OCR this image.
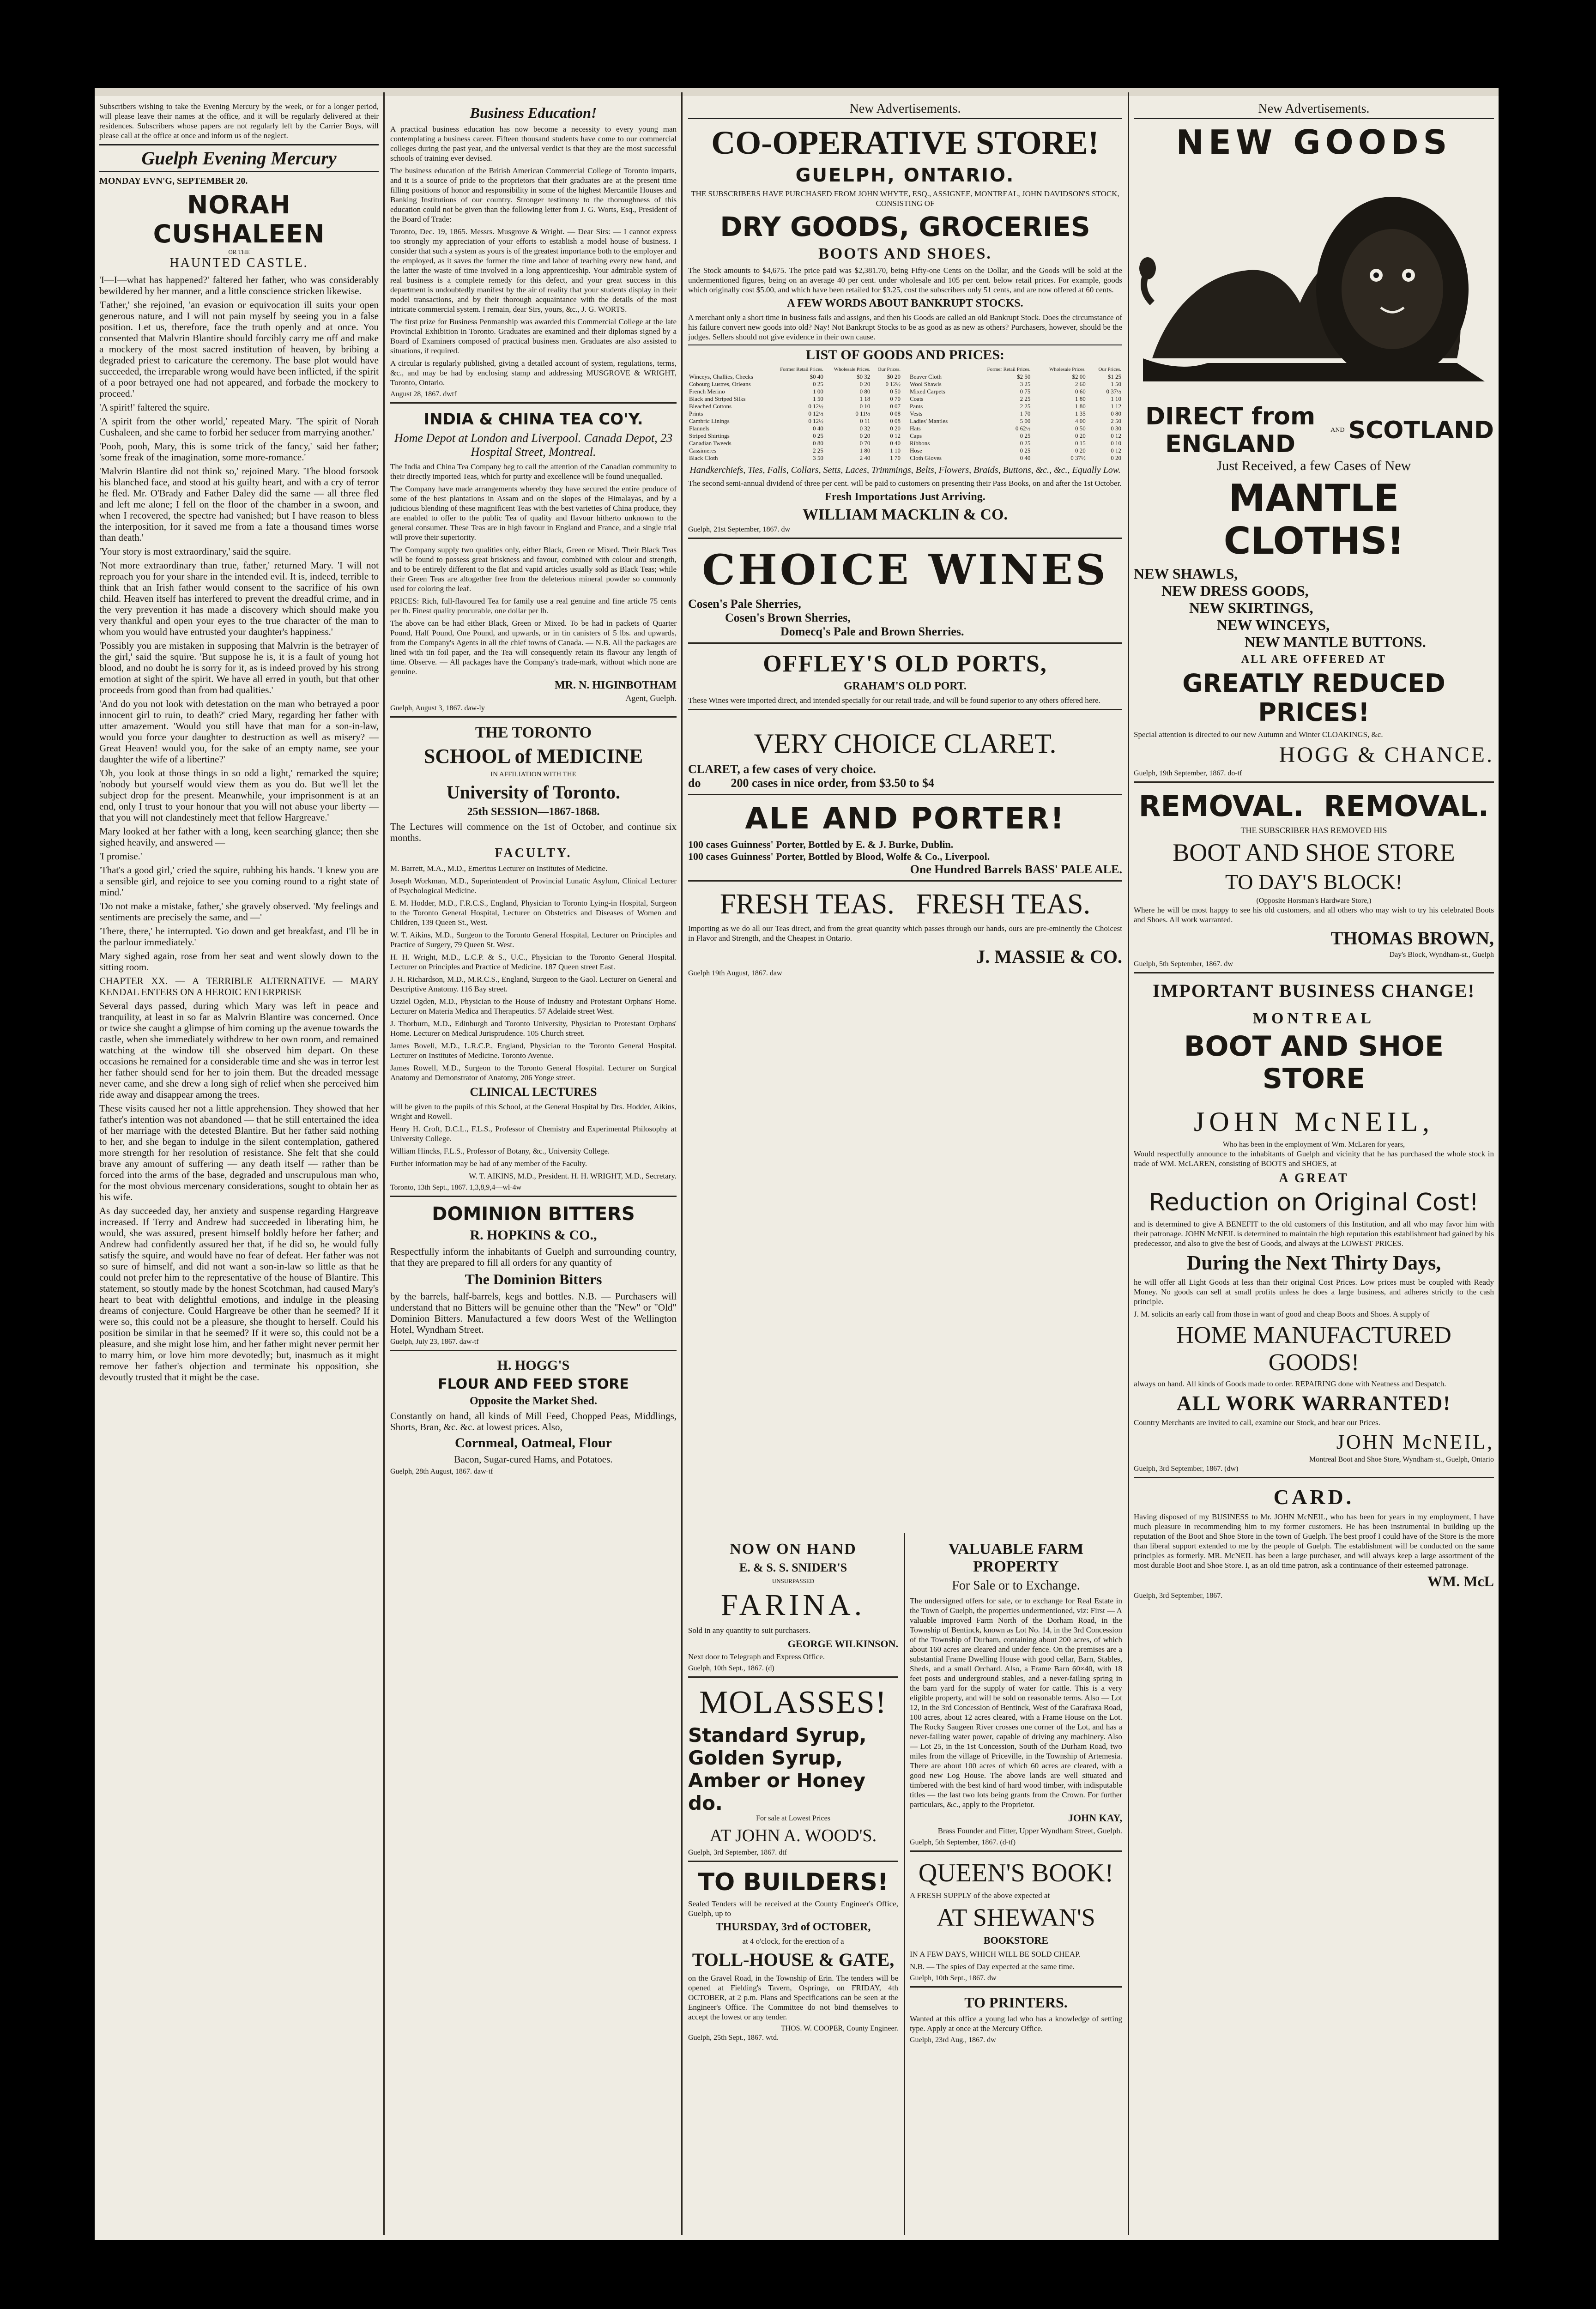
Subscribers wishing to take the Evening Mercury by the week, or for a longer period, will please leave their names at the office, and it will be regularly delivered at their residences. Subscribers whose papers are not regularly left by the Carrier Boys, will please call at the office at once and inform us of the neglect.

Guelph Evening Mercury
MONDAY EVN'G, SEPTEMBER 20.
NORAH CUSHALEEN
OR THE
HAUNTED CASTLE.

'I—I—what has happened?' faltered her father, who was considerably bewildered by her manner, and a little conscience stricken likewise.

'Father,' she rejoined, 'an evasion or equivocation ill suits your open generous nature, and I will not pain myself by seeing you in a false position. Let us, therefore, face the truth openly and at once. You consented that Malvrin Blantire should forcibly carry me off and make a mockery of the most sacred institution of heaven, by bribing a degraded priest to caricature the ceremony. The base plot would have succeeded, the irreparable wrong would have been inflicted, if the spirit of a poor betrayed one had not appeared, and forbade the mockery to proceed.'

'A spirit!' faltered the squire.

'A spirit from the other world,' repeated Mary. 'The spirit of Norah Cushaleen, and she came to forbid her seducer from marrying another.'

'Pooh, pooh, Mary, this is some trick of the fancy,' said her father; 'some freak of the imagination, some more-romance.'

'Malvrin Blantire did not think so,' rejoined Mary. 'The blood forsook his blanched face, and stood at his guilty heart, and with a cry of terror he fled. Mr. O'Brady and Father Daley did the same — all three fled and left me alone; I fell on the floor of the chamber in a swoon, and when I recovered, the spectre had vanished; but I have reason to bless the interposition, for it saved me from a fate a thousand times worse than death.'

'Your story is most extraordinary,' said the squire.

'Not more extraordinary than true, father,' returned Mary. 'I will not reproach you for your share in the intended evil. It is, indeed, terrible to think that an Irish father would consent to the sacrifice of his own child. Heaven itself has interfered to prevent the dreadful crime, and in the very prevention it has made a discovery which should make you very thankful and open your eyes to the true character of the man to whom you would have entrusted your daughter's happiness.'

'Possibly you are mistaken in supposing that Malvrin is the betrayer of the girl,' said the squire. 'But suppose he is, it is a fault of young hot blood, and no doubt he is sorry for it, as is indeed proved by his strong emotion at sight of the spirit. We have all erred in youth, but that other proceeds from good than from bad qualities.'

'And do you not look with detestation on the man who betrayed a poor innocent girl to ruin, to death?' cried Mary, regarding her father with utter amazement. 'Would you still have that man for a son-in-law, would you force your daughter to destruction as well as misery? — Great Heaven! would you, for the sake of an empty name, see your daughter the wife of a libertine?'

'Oh, you look at those things in so odd a light,' remarked the squire; 'nobody but yourself would view them as you do. But we'll let the subject drop for the present. Meanwhile, your imprisonment is at an end, only I trust to your honour that you will not abuse your liberty — that you will not clandestinely meet that fellow Hargreave.'

Mary looked at her father with a long, keen searching glance; then she sighed heavily, and answered —

'I promise.'

'That's a good girl,' cried the squire, rubbing his hands. 'I knew you are a sensible girl, and rejoice to see you coming round to a right state of mind.'

'Do not make a mistake, father,' she gravely observed. 'My feelings and sentiments are precisely the same, and —'

'There, there,' he interrupted. 'Go down and get breakfast, and I'll be in the parlour immediately.'

Mary sighed again, rose from her seat and went slowly down to the sitting room.

CHAPTER XX. — A TERRIBLE ALTERNATIVE — MARY KENDAL ENTERS ON A HEROIC ENTERPRISE

Several days passed, during which Mary was left in peace and tranquility, at least in so far as Malvrin Blantire was concerned. Once or twice she caught a glimpse of him coming up the avenue towards the castle, when she immediately withdrew to her own room, and remained watching at the window till she observed him depart. On these occasions he remained for a considerable time and she was in terror lest her father should send for her to join them. But the dreaded message never came, and she drew a long sigh of relief when she perceived him ride away and disappear among the trees.

These visits caused her not a little apprehension. They showed that her father's intention was not abandoned — that he still entertained the idea of her marriage with the detested Blantire. But her father said nothing to her, and she began to indulge in the silent contemplation, gathered more strength for her resolution of resistance. She felt that she could brave any amount of suffering — any death itself — rather than be forced into the arms of the base, degraded and unscrupulous man who, for the most obvious mercenary considerations, sought to obtain her as his wife.

As day succeeded day, her anxiety and suspense regarding Hargreave increased. If Terry and Andrew had succeeded in liberating him, he would, she was assured, present himself boldly before her father; and Andrew had confidently assured her that, if he did so, he would fully satisfy the squire, and would have no fear of defeat. Her father was not so sure of himself, and did not want a son-in-law so little as that he could not prefer him to the representative of the house of Blantire. This statement, so stoutly made by the honest Scotchman, had caused Mary's heart to beat with delightful emotions, and indulge in the pleasing dreams of conjecture. Could Hargreave be other than he seemed? If it were so, this could not be a pleasure, she thought to herself. Could his position be similar in that he seemed? If it were so, this could not be a pleasure, and she might lose him, and her father might never permit her to marry him, or love him more devotedly; but, inasmuch as it might remove her father's objection and terminate his opposition, she devoutly trusted that it might be the case.

Business Education!

A practical business education has now become a necessity to every young man contemplating a business career. Fifteen thousand students have come to our commercial colleges during the past year, and the universal verdict is that they are the most successful schools of training ever devised.

The business education of the British American Commercial College of Toronto imparts, and it is a source of pride to the proprietors that their graduates are at the present time filling positions of honor and responsibility in some of the highest Mercantile Houses and Banking Institutions of our country. Stronger testimony to the thoroughness of this education could not be given than the following letter from J. G. Worts, Esq., President of the Board of Trade:

Toronto, Dec. 19, 1865. Messrs. Musgrove & Wright. — Dear Sirs: — I cannot express too strongly my appreciation of your efforts to establish a model house of business. I consider that such a system as yours is of the greatest importance both to the employer and the employed, as it saves the former the time and labor of teaching every new hand, and the latter the waste of time involved in a long apprenticeship. Your admirable system of real business is a complete remedy for this defect, and your great success in this department is undoubtedly manifest by the air of reality that your students display in their model transactions, and by their thorough acquaintance with the details of the most intricate commercial system. I remain, dear Sirs, yours, &c., J. G. WORTS.

The first prize for Business Penmanship was awarded this Commercial College at the late Provincial Exhibition in Toronto. Graduates are examined and their diplomas signed by a Board of Examiners composed of practical business men. Graduates are also assisted to situations, if required.

A circular is regularly published, giving a detailed account of system, regulations, terms, &c., and may be had by enclosing stamp and addressing MUSGROVE & WRIGHT, Toronto, Ontario.

August 28, 1867. dwtf
INDIA & CHINA TEA CO'Y.

Home Depot at London and Liverpool. Canada Depot, 23 Hospital Street, Montreal.

The India and China Tea Company beg to call the attention of the Canadian community to their directly imported Teas, which for purity and excellence will be found unequalled.

The Company have made arrangements whereby they have secured the entire produce of some of the best plantations in Assam and on the slopes of the Himalayas, and by a judicious blending of these magnificent Teas with the best varieties of China produce, they are enabled to offer to the public Tea of quality and flavour hitherto unknown to the general consumer. These Teas are in high favour in England and France, and a single trial will prove their superiority.

The Company supply two qualities only, either Black, Green or Mixed. Their Black Teas will be found to possess great briskness and favour, combined with colour and strength, and to be entirely different to the flat and vapid articles usually sold as Black Teas; while their Green Teas are altogether free from the deleterious mineral powder so commonly used for coloring the leaf.

PRICES: Rich, full-flavoured Tea for family use a real genuine and fine article 75 cents per lb. Finest quality procurable, one dollar per lb.

The above can be had either Black, Green or Mixed. To be had in packets of Quarter Pound, Half Pound, One Pound, and upwards, or in tin canisters of 5 lbs. and upwards, from the Company's Agents in all the chief towns of Canada. — N.B. All the packages are lined with tin foil paper, and the Tea will consequently retain its flavour any length of time. Observe. — All packages have the Company's trade-mark, without which none are genuine.

MR. N. HIGINBOTHAM
Agent, Guelph.
Guelph, August 3, 1867. daw-ly
THE TORONTO
SCHOOL of MEDICINE
IN AFFILIATION WITH THE
University of Toronto.
25th SESSION—1867-1868.

The Lectures will commence on the 1st of October, and continue six months.

FACULTY.

M. Barrett, M.A., M.D., Emeritus Lecturer on Institutes of Medicine.

Joseph Workman, M.D., Superintendent of Provincial Lunatic Asylum, Clinical Lecturer of Psychological Medicine.

E. M. Hodder, M.D., F.R.C.S., England, Physician to Toronto Lying-in Hospital, Surgeon to the Toronto General Hospital, Lecturer on Obstetrics and Diseases of Women and Children, 139 Queen St., West.

W. T. Aikins, M.D., Surgeon to the Toronto General Hospital, Lecturer on Principles and Practice of Surgery, 79 Queen St. West.

H. H. Wright, M.D., L.C.P. & S., U.C., Physician to the Toronto General Hospital. Lecturer on Principles and Practice of Medicine. 187 Queen street East.

J. H. Richardson, M.D., M.R.C.S., England, Surgeon to the Gaol. Lecturer on General and Descriptive Anatomy. 116 Bay street.

Uzziel Ogden, M.D., Physician to the House of Industry and Protestant Orphans' Home. Lecturer on Materia Medica and Therapeutics. 57 Adelaide street West.

J. Thorburn, M.D., Edinburgh and Toronto University, Physician to Protestant Orphans' Home. Lecturer on Medical Jurisprudence. 105 Church street.

James Bovell, M.D., L.R.C.P., England, Physician to the Toronto General Hospital. Lecturer on Institutes of Medicine. Toronto Avenue.

James Rowell, M.D., Surgeon to the Toronto General Hospital. Lecturer on Surgical Anatomy and Demonstrator of Anatomy, 206 Yonge street.

CLINICAL LECTURES

will be given to the pupils of this School, at the General Hospital by Drs. Hodder, Aikins, Wright and Rowell.

Henry H. Croft, D.C.L., F.L.S., Professor of Chemistry and Experimental Philosophy at University College.

William Hincks, F.L.S., Professor of Botany, &c., University College.

Further information may be had of any member of the Faculty.

W. T. AIKINS, M.D., President. H. H. WRIGHT, M.D., Secretary.

Toronto, 13th Sept., 1867. 1,3,8,9,4—wl-4w
DOMINION BITTERS
R. HOPKINS & CO.,

Respectfully inform the inhabitants of Guelph and surrounding country, that they are prepared to fill all orders for any quantity of

The Dominion Bitters

by the barrels, half-barrels, kegs and bottles. N.B. — Purchasers will understand that no Bitters will be genuine other than the "New" or "Old" Dominion Bitters. Manufactured a few doors West of the Wellington Hotel, Wyndham Street.

Guelph, July 23, 1867. daw-tf
H. HOGG'S
FLOUR AND FEED STORE
Opposite the Market Shed.

Constantly on hand, all kinds of Mill Feed, Chopped Peas, Middlings, Shorts, Bran, &c. &c. at lowest prices. Also,

Cornmeal, Oatmeal, Flour

Bacon, Sugar-cured Hams, and Potatoes.

Guelph, 28th August, 1867. daw-tf
New Advertisements.
CO-OPERATIVE STORE!
GUELPH, ONTARIO.

THE SUBSCRIBERS HAVE PURCHASED FROM JOHN WHYTE, ESQ., ASSIGNEE, MONTREAL, JOHN DAVIDSON'S STOCK, CONSISTING OF

DRY GOODS, GROCERIES
BOOTS AND SHOES.

The Stock amounts to $4,675. The price paid was $2,381.70, being Fifty-one Cents on the Dollar, and the Goods will be sold at the undermentioned figures, being on an average 40 per cent. under wholesale and 105 per cent. below retail prices. For example, goods which originally cost $5.00, and which have been retailed for $3.25, cost the subscribers only 51 cents, and are now offered at 60 cents.

A FEW WORDS ABOUT BANKRUPT STOCKS.

A merchant only a short time in business fails and assigns, and then his Goods are called an old Bankrupt Stock. Does the circumstance of his failure convert new goods into old? Nay! Not Bankrupt Stocks to be as good as as new as others? Purchasers, however, should be the judges. Sellers should not give evidence in their own cause.

LIST OF GOODS AND PRICES:
	Former Retail Prices.	Wholesale Prices.	Our Prices.
Winceys, Challies, Checks	$0 40	$0 32	$0 20
Cobourg Lustres, Orleans	0 25	0 20	0 12½
French Merino	1 00	0 80	0 50
Black and Striped Silks	1 50	1 18	0 70
Bleached Cottons	0 12½	0 10	0 07
Prints	0 12½	0 11½	0 08
Cambric Linings	0 12½	0 11	0 08
Flannels	0 40	0 32	0 20
Striped Shirtings	0 25	0 20	0 12
Canadian Tweeds	0 80	0 70	0 40
Cassimeres	2 25	1 80	1 10
Black Cloth	3 50	2 40	1 70
	Former Retail Prices.	Wholesale Prices.	Our Prices.
Beaver Cloth	$2 50	$2 00	$1 25
Wool Shawls	3 25	2 60	1 50
Mixed Carpets	0 75	0 60	0 37½
Coats	2 25	1 80	1 10
Pants	2 25	1 80	1 12
Vests	1 70	1 35	0 80
Ladies' Mantles	5 00	4 00	2 50
Hats	0 62½	0 50	0 30
Caps	0 25	0 20	0 12
Ribbons	0 25	0 15	0 10
Hose	0 25	0 20	0 12
Cloth Gloves	0 40	0 37½	0 20

Handkerchiefs, Ties, Falls, Collars, Setts, Laces, Trimmings, Belts, Flowers, Braids, Buttons, &c., &c., Equally Low.

The second semi-annual dividend of three per cent. will be paid to customers on presenting their Pass Books, on and after the 1st October.

Fresh Importations Just Arriving.
WILLIAM MACKLIN & CO.
Guelph, 21st September, 1867. dw
CHOICE WINES
Cosen's Pale Sherries,
Cosen's Brown Sherries,
Domecq's Pale and Brown Sherries.
OFFLEY'S OLD PORTS,
GRAHAM'S OLD PORT.

These Wines were imported direct, and intended specially for our retail trade, and will be found superior to any others offered here.

VERY CHOICE CLARET.
CLARET, a few cases of very choice.
do          200 cases in nice order, from $3.50 to $4
ALE AND PORTER!
100 cases Guinness' Porter, Bottled by E. & J. Burke, Dublin.
100 cases Guinness' Porter, Bottled by Blood, Wolfe & Co., Liverpool.
One Hundred Barrels BASS' PALE ALE.
FRESH TEAS.   FRESH TEAS.

Importing as we do all our Teas direct, and from the great quantity which passes through our hands, ours are pre-eminently the Choicest in Flavor and Strength, and the Cheapest in Ontario.

J. MASSIE & CO.
Guelph 19th August, 1867. daw
NOW ON HAND
E. & S. S. SNIDER'S
UNSURPASSED
FARINA.

Sold in any quantity to suit purchasers.

GEORGE WILKINSON.

Next door to Telegraph and Express Office.

Guelph, 10th Sept., 1867. (d)
MOLASSES!
Standard Syrup,
Golden Syrup,
Amber or Honey do.
For sale at Lowest Prices
AT JOHN A. WOOD'S.
Guelph, 3rd September, 1867. dtf
TO BUILDERS!

Sealed Tenders will be received at the County Engineer's Office, Guelph, up to

THURSDAY, 3rd of OCTOBER,

at 4 o'clock, for the erection of a

TOLL-HOUSE & GATE,

on the Gravel Road, in the Township of Erin. The tenders will be opened at Fielding's Tavern, Ospringe, on FRIDAY, 4th OCTOBER, at 2 p.m. Plans and Specifications can be seen at the Engineer's Office. The Committee do not bind themselves to accept the lowest or any tender.

THOS. W. COOPER, County Engineer.
Guelph, 25th Sept., 1867. wtd.
VALUABLE FARM PROPERTY
For Sale or to Exchange.

The undersigned offers for sale, or to exchange for Real Estate in the Town of Guelph, the properties undermentioned, viz: First — A valuable improved Farm North of the Dorham Road, in the Township of Bentinck, known as Lot No. 14, in the 3rd Concession of the Township of Durham, containing about 200 acres, of which about 160 acres are cleared and under fence. On the premises are a substantial Frame Dwelling House with good cellar, Barn, Stables, Sheds, and a small Orchard. Also, a Frame Barn 60×40, with 18 feet posts and underground stables, and a never-failing spring in the barn yard for the supply of water for cattle. This is a very eligible property, and will be sold on reasonable terms. Also — Lot 12, in the 3rd Concession of Bentinck, West of the Garafraxa Road, 100 acres, about 12 acres cleared, with a Frame House on the Lot. The Rocky Saugeen River crosses one corner of the Lot, and has a never-failing water power, capable of driving any machinery. Also — Lot 25, in the 1st Concession, South of the Durham Road, two miles from the village of Priceville, in the Township of Artemesia. There are about 100 acres of which 60 acres are cleared, with a good new Log House. The above lands are well situated and timbered with the best kind of hard wood timber, with indisputable titles — the last two lots being grants from the Crown. For further particulars, &c., apply to the Proprietor.

JOHN KAY,

Brass Founder and Fitter, Upper Wyndham Street, Guelph.

Guelph, 5th September, 1867. (d-tf)
QUEEN'S BOOK!

A FRESH SUPPLY of the above expected at

AT SHEWAN'S
BOOKSTORE

IN A FEW DAYS, WHICH WILL BE SOLD CHEAP.

N.B. — The spies of Day expected at the same time.

Guelph, 10th Sept., 1867. dw
TO PRINTERS.

Wanted at this office a young lad who has a knowledge of setting type. Apply at once at the Mercury Office.

Guelph, 23rd Aug., 1867. dw
New Advertisements.
NEW GOODS
DIRECT from ENGLAND
AND SCOTLAND
Just Received, a few Cases of New
MANTLE CLOTHS!
NEW SHAWLS,
NEW DRESS GOODS,
NEW SKIRTINGS,
NEW WINCEYS,
NEW MANTLE BUTTONS.
ALL ARE OFFERED AT
GREATLY REDUCED PRICES!

Special attention is directed to our new Autumn and Winter CLOAKINGS, &c.

HOGG & CHANCE.
Guelph, 19th September, 1867. do-tf
REMOVAL.  REMOVAL.
THE SUBSCRIBER HAS REMOVED HIS
BOOT AND SHOE STORE
TO DAY'S BLOCK!
(Opposite Horsman's Hardware Store,)

Where he will be most happy to see his old customers, and all others who may wish to try his celebrated Boots and Shoes. All work warranted.

THOMAS BROWN,
Day's Block, Wyndham-st., Guelph
Guelph, 5th September, 1867. dw
IMPORTANT BUSINESS CHANGE!
MONTREAL
BOOT AND SHOE STORE
JOHN McNEIL,
Who has been in the employment of Wm. McLaren for years,

Would respectfully announce to the inhabitants of Guelph and vicinity that he has purchased the whole stock in trade of WM. McLAREN, consisting of BOOTS and SHOES, at

A GREAT
Reduction on Original Cost!

and is determined to give A BENEFIT to the old customers of this Institution, and all who may favor him with their patronage. JOHN McNEIL is determined to maintain the high reputation this establishment had gained by his predecessor, and also to give the best of Goods, and always at the LOWEST PRICES.

During the Next Thirty Days,

he will offer all Light Goods at less than their original Cost Prices. Low prices must be coupled with Ready Money. No goods can sell at small profits unless he does a large business, and adheres strictly to the cash principle.

J. M. solicits an early call from those in want of good and cheap Boots and Shoes. A supply of

HOME MANUFACTURED GOODS!

always on hand. All kinds of Goods made to order. REPAIRING done with Neatness and Despatch.

ALL WORK WARRANTED!

Country Merchants are invited to call, examine our Stock, and hear our Prices.

JOHN McNEIL,
Montreal Boot and Shoe Store, Wyndham-st., Guelph, Ontario
Guelph, 3rd September, 1867. (dw)
CARD.

Having disposed of my BUSINESS to Mr. JOHN McNEIL, who has been for years in my employment, I have much pleasure in recommending him to my former customers. He has been instrumental in building up the reputation of the Boot and Shoe Store in the town of Guelph. The best proof I could have of the Store is the more than liberal support extended to me by the people of Guelph. The establishment will be conducted on the same principles as formerly. MR. McNEIL has been a large purchaser, and will always keep a large assortment of the most durable Boot and Shoe Store. I, as an old time patron, ask a continuance of their esteemed patronage.

WM. McL
Guelph, 3rd September, 1867.
